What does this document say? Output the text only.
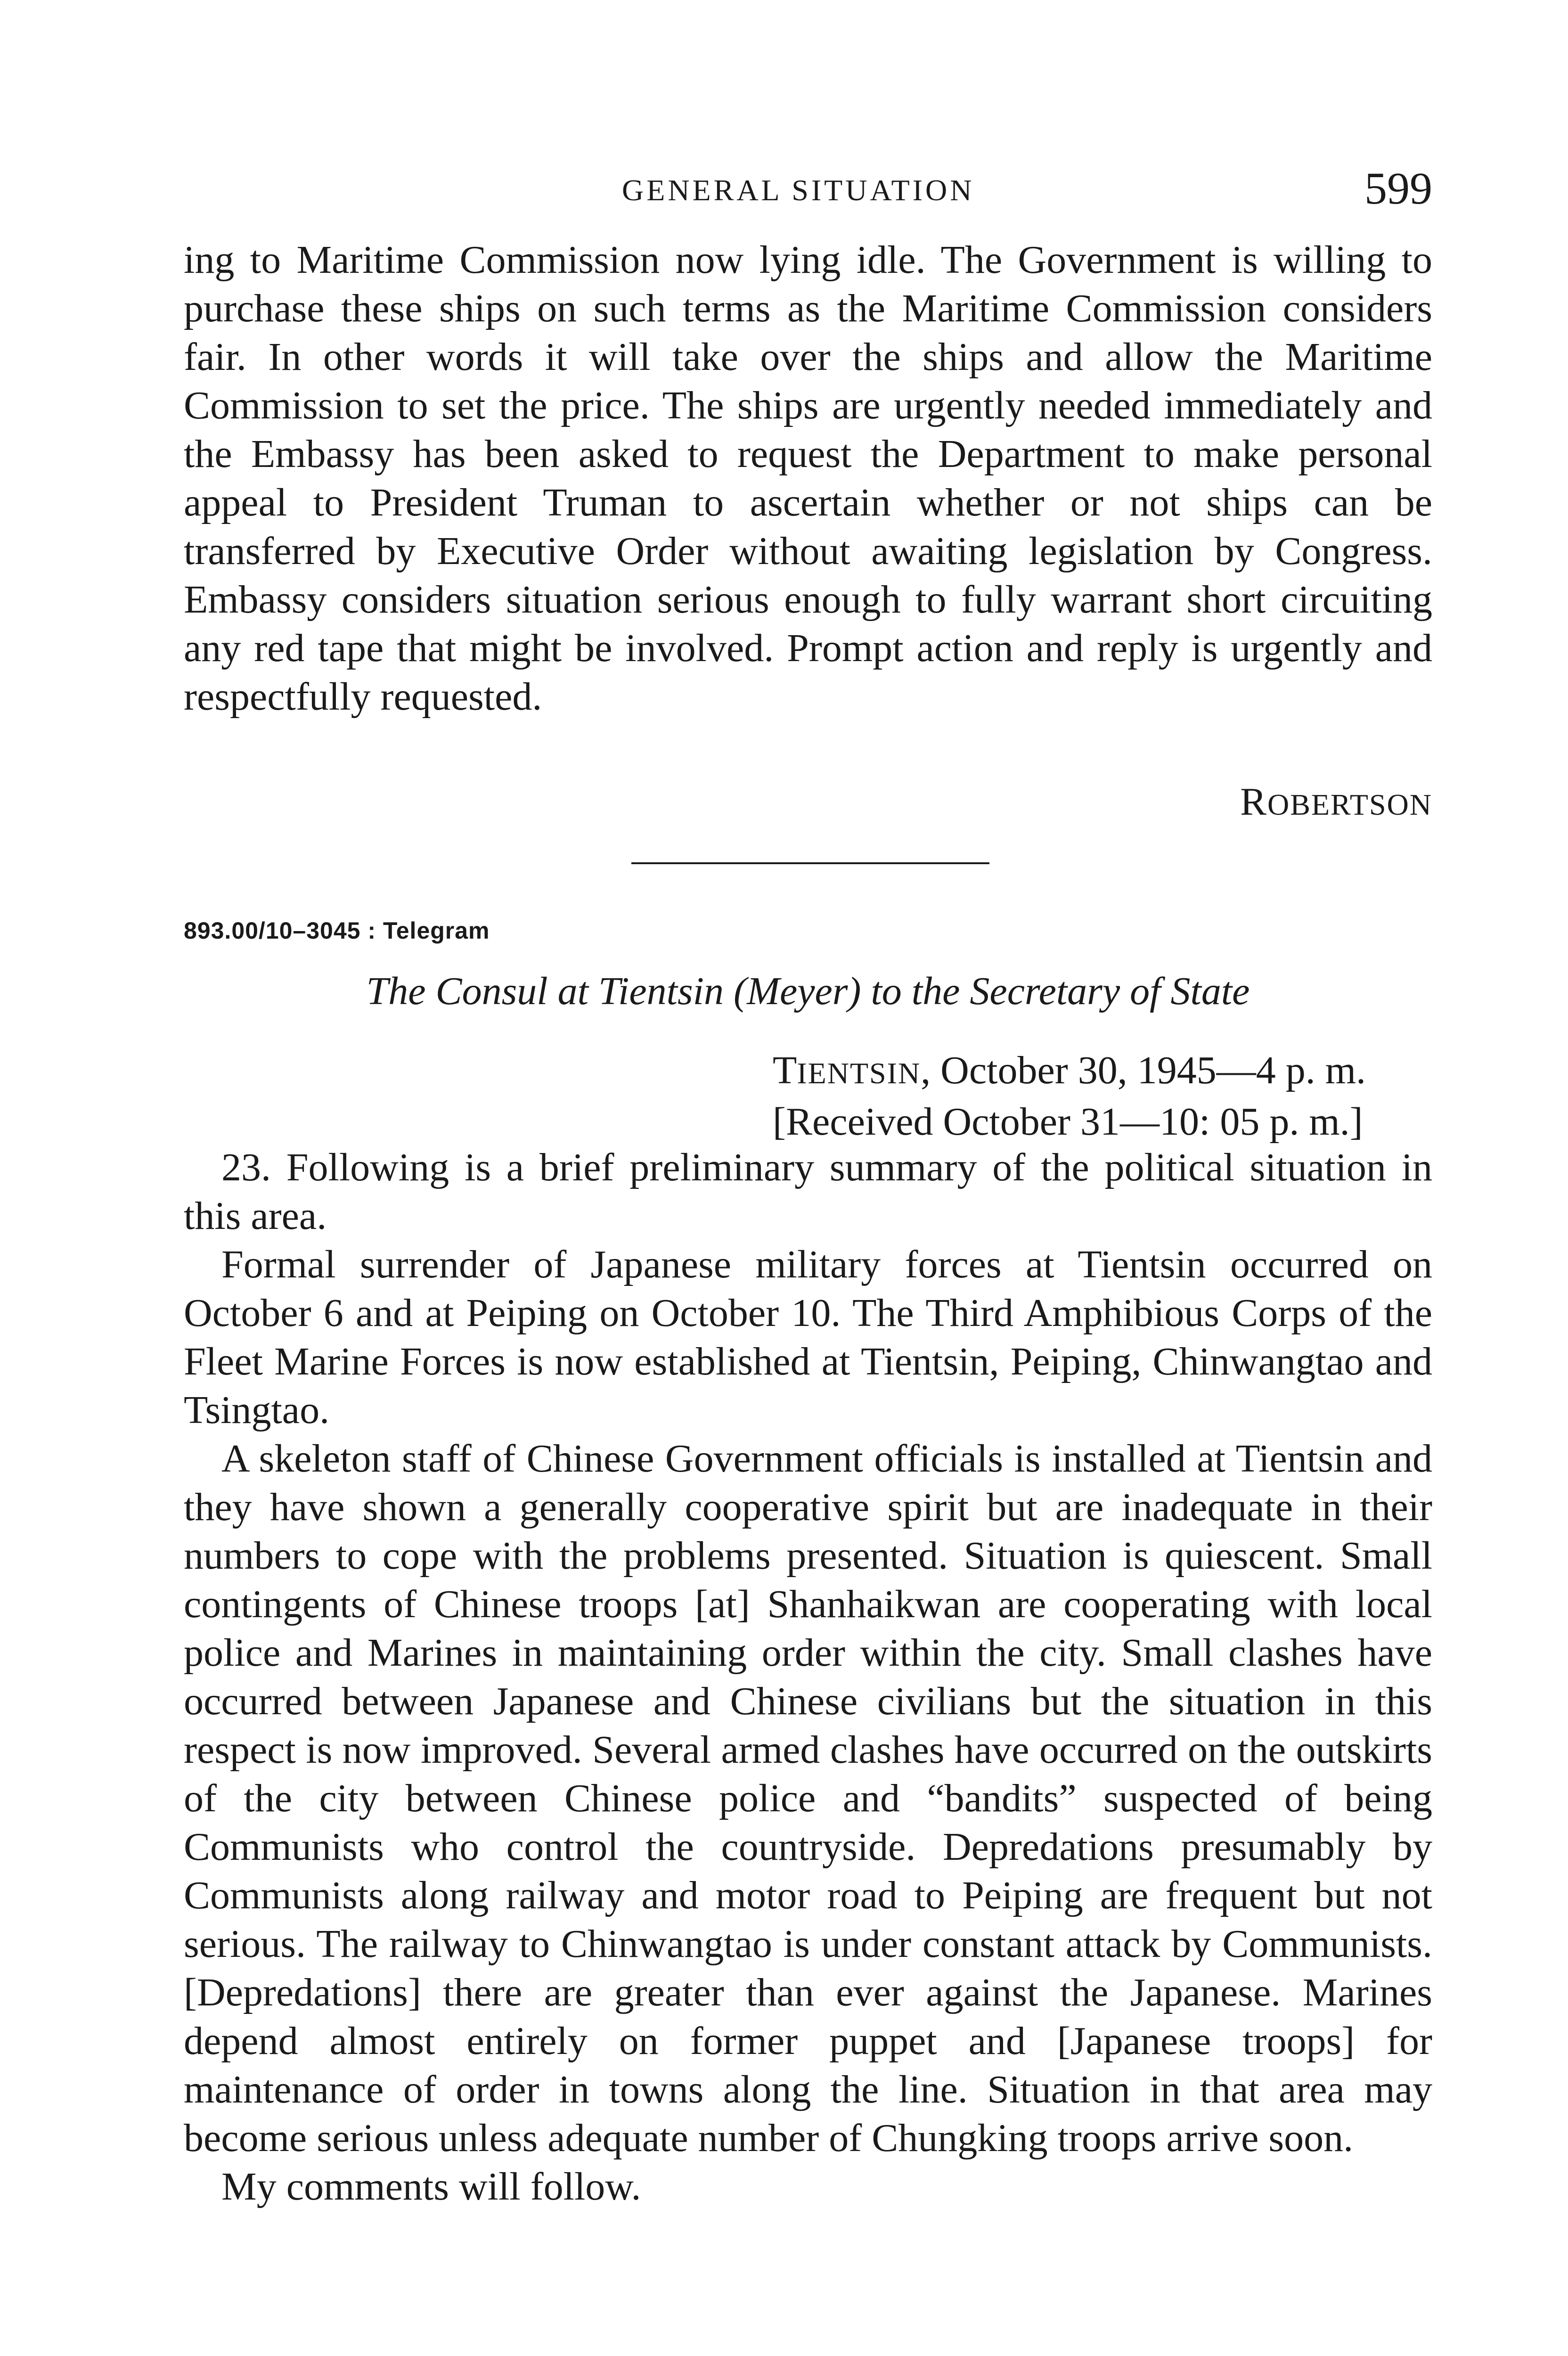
GENERAL SITUATION	599

ing to Maritime Commission now lying idle. The Government is willing to purchase these ships on such terms as the Maritime Commission considers fair. In other words it will take over the ships and allow the Maritime Commission to set the price. The ships are urgently needed immediately and the Embassy has been asked to request the Department to make personal appeal to President Truman to ascertain whether or not ships can be transferred by Executive Order without awaiting legislation by Congress. Embassy considers situation serious enough to fully warrant short circuiting any red tape that might be involved. Prompt action and reply is urgently and respectfully requested.

ROBERTSON
893.00/10–3045 : Telegram
The Consul at Tientsin (Meyer) to the Secretary of State
TIENTSIN, October 30, 1945—4 p. m.
[Received October 31—10: 05 p. m.]

23. Following is a brief preliminary summary of the political situation in this area.

Formal surrender of Japanese military forces at Tientsin occurred on October 6 and at Peiping on October 10. The Third Amphibious Corps of the Fleet Marine Forces is now established at Tientsin, Peiping, Chinwangtao and Tsingtao.

A skeleton staff of Chinese Government officials is installed at Tientsin and they have shown a generally cooperative spirit but are inadequate in their numbers to cope with the problems presented. Situation is quiescent. Small contingents of Chinese troops [at] Shanhaikwan are cooperating with local police and Marines in maintaining order within the city. Small clashes have occurred between Japanese and Chinese civilians but the situation in this respect is now improved. Several armed clashes have occurred on the outskirts of the city between Chinese police and “bandits” suspected of being Communists who control the countryside. Depredations presumably by Communists along railway and motor road to Peiping are frequent but not serious. The railway to Chinwangtao is under constant attack by Communists. [Depredations] there are greater than ever against the Japanese. Marines depend almost entirely on former puppet and [Japanese troops] for maintenance of order in towns along the line. Situation in that area may become serious unless adequate number of Chungking troops arrive soon.

My comments will follow.
